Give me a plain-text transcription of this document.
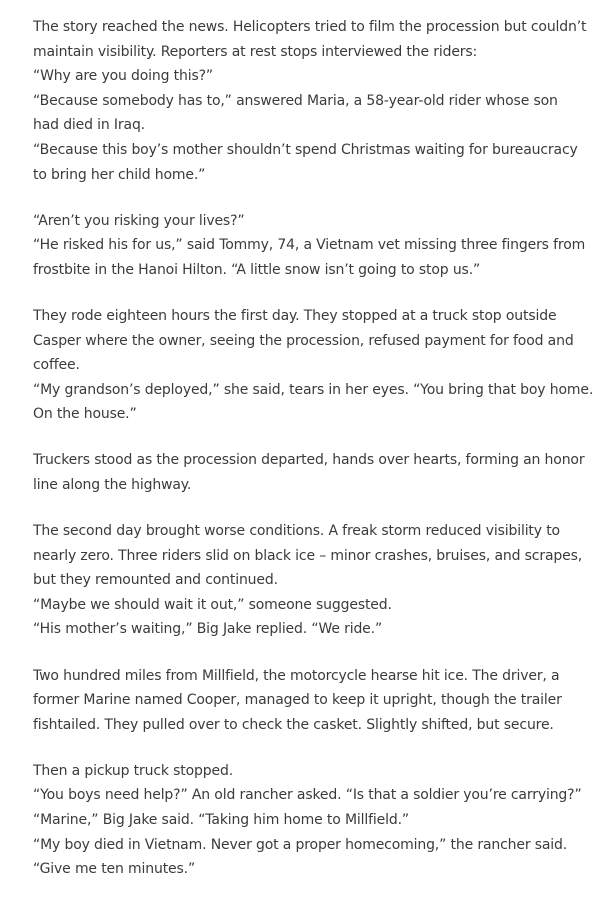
The story reached the news. Helicopters tried to film the procession but couldn’t
maintain visibility. Reporters at rest stops interviewed the riders:
“Why are you doing this?”
“Because somebody has to,” answered Maria, a 58-year-old rider whose son
had died in Iraq.
“Because this boy’s mother shouldn’t spend Christmas waiting for bureaucracy
to bring her child home.”
“Aren’t you risking your lives?”
“He risked his for us,” said Tommy, 74, a Vietnam vet missing three fingers from
frostbite in the Hanoi Hilton. “A little snow isn’t going to stop us.”
They rode eighteen hours the first day. They stopped at a truck stop outside
Casper where the owner, seeing the procession, refused payment for food and
coffee.
“My grandson’s deployed,” she said, tears in her eyes. “You bring that boy home.
On the house.”
Truckers stood as the procession departed, hands over hearts, forming an honor
line along the highway.
The second day brought worse conditions. A freak storm reduced visibility to
nearly zero. Three riders slid on black ice – minor crashes, bruises, and scrapes,
but they remounted and continued.
“Maybe we should wait it out,” someone suggested.
“His mother’s waiting,” Big Jake replied. “We ride.”
Two hundred miles from Millfield, the motorcycle hearse hit ice. The driver, a
former Marine named Cooper, managed to keep it upright, though the trailer
fishtailed. They pulled over to check the casket. Slightly shifted, but secure.
Then a pickup truck stopped.
“You boys need help?” An old rancher asked. “Is that a soldier you’re carrying?”
“Marine,” Big Jake said. “Taking him home to Millfield.”
“My boy died in Vietnam. Never got a proper homecoming,” the rancher said.
“Give me ten minutes.”
